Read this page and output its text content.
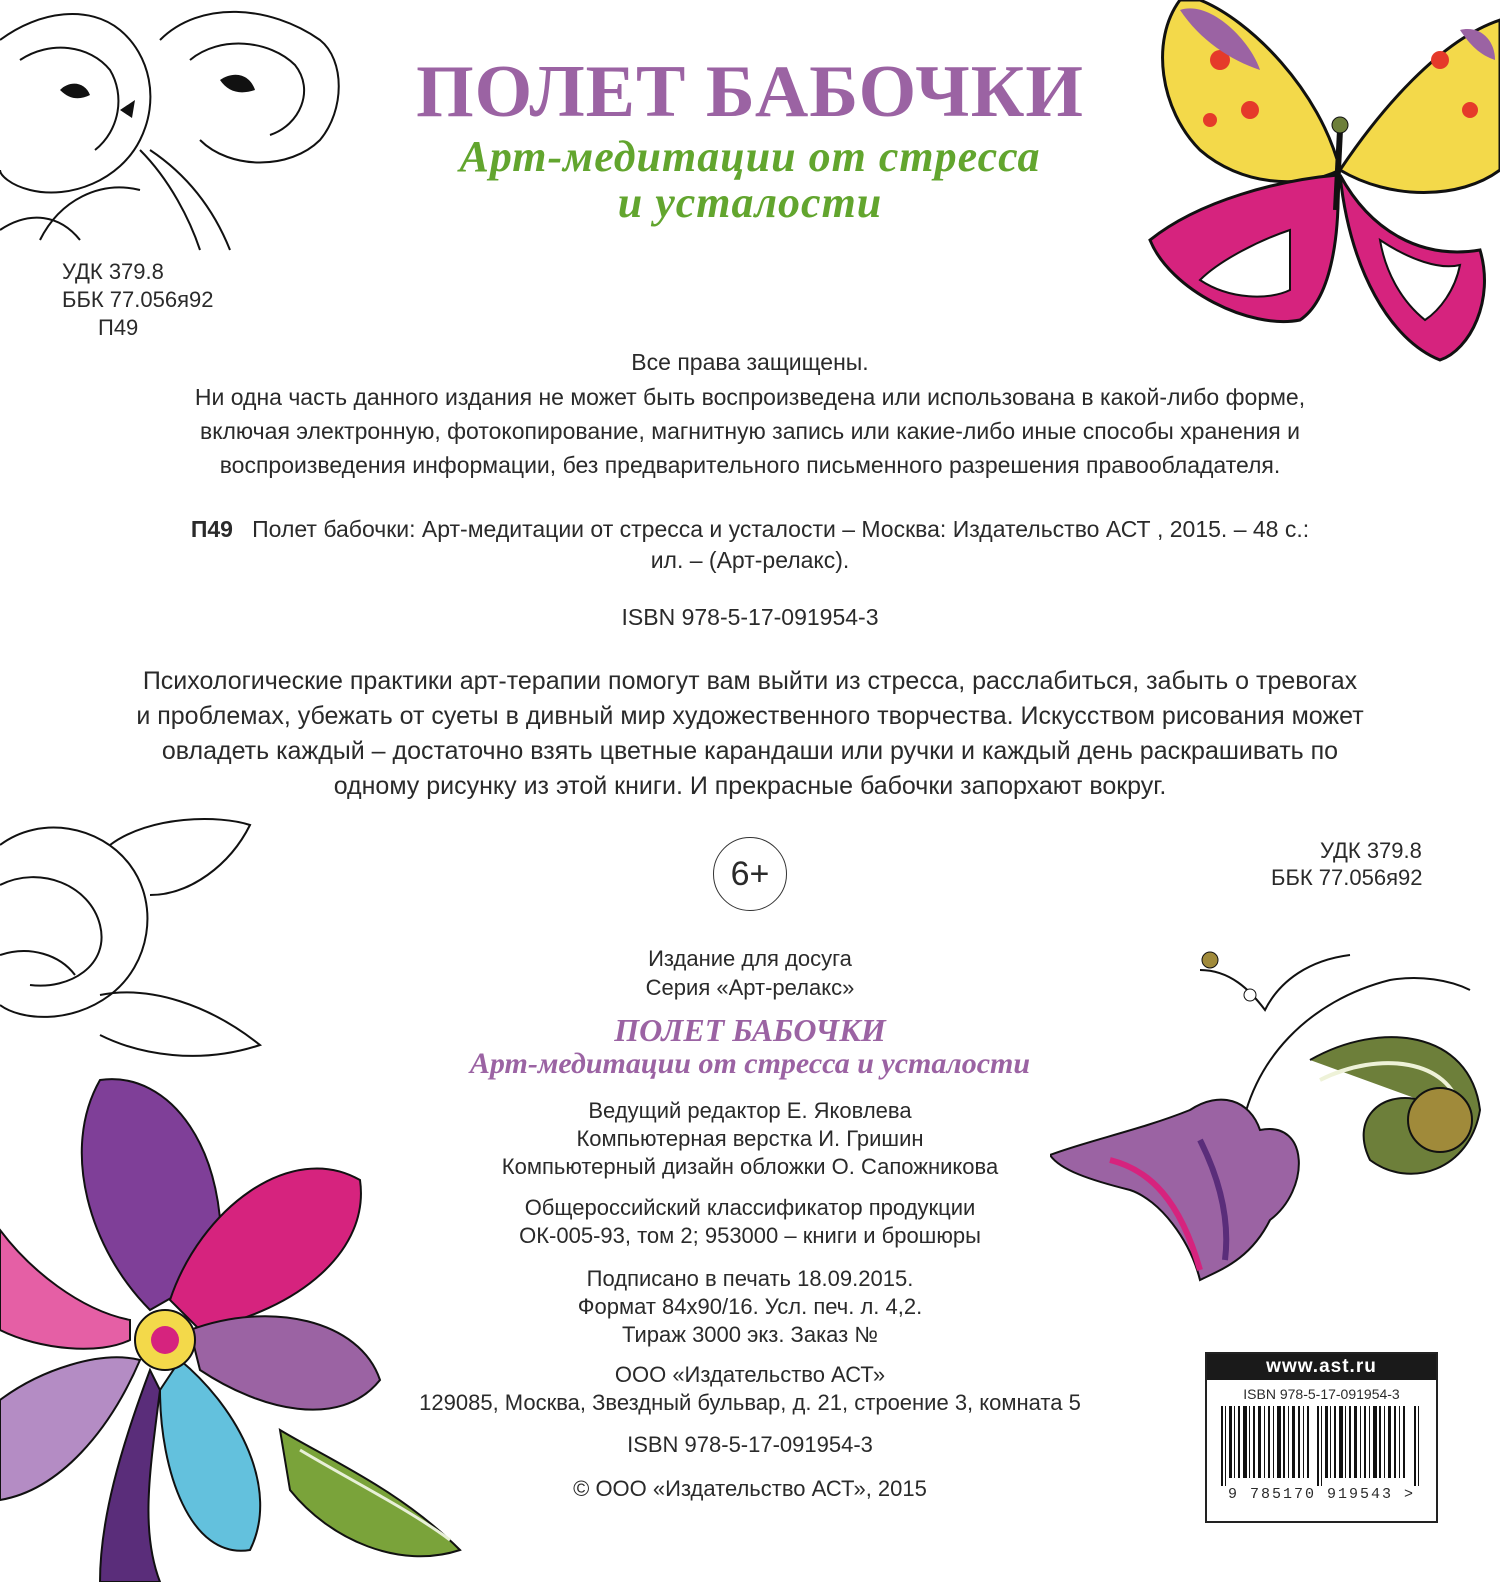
ПОЛЕТ БАБОЧКИ
Арт-медитации от стресса
и усталости
УДК 379.8
ББК 77.056я92
П49
Все права защищены.
Ни одна часть данного издания не может быть воспроизведена или использована в какой-либо форме,
включая электронную, фотокопирование, магнитную запись или какие-либо иные способы хранения и
воспроизведения информации, без предварительного письменного разрешения правообладателя.
П49 Полет бабочки: Арт-медитации от стресса и усталости – Москва: Издательство АСТ , 2015. – 48 с.:
ил. – (Арт-релакс).
ISBN 978-5-17-091954-3
Психологические практики арт-терапии помогут вам выйти из стресса, расслабиться, забыть о тревогах
и проблемах, убежать от суеты в дивный мир художественного творчества. Искусством рисования может
овладеть каждый – достаточно взять цветные карандаши или ручки и каждый день раскрашивать по
одному рисунку из этой книги. И прекрасные бабочки запорхают вокруг.
6+
УДК 379.8
ББК 77.056я92
Издание для досуга
Серия «Арт-релакс»
ПОЛЕТ БАБОЧКИ
Арт-медитации от стресса и усталости
Ведущий редактор Е. Яковлева
Компьютерная верстка И. Гришин
Компьютерный дизайн обложки О. Сапожникова
Общероссийский классификатор продукции
ОК-005-93, том 2; 953000 – книги и брошюры
Подписано в печать 18.09.2015.
Формат 84х90/16. Усл. печ. л. 4,2.
Тираж 3000 экз. Заказ №
ООО «Издательство АСТ»
129085, Москва, Звездный бульвар, д. 21, строение 3, комната 5
ISBN 978-5-17-091954-3
© ООО «Издательство АСТ», 2015
www.ast.ru
ISBN 978-5-17-091954-3
9 785170 919543 >
